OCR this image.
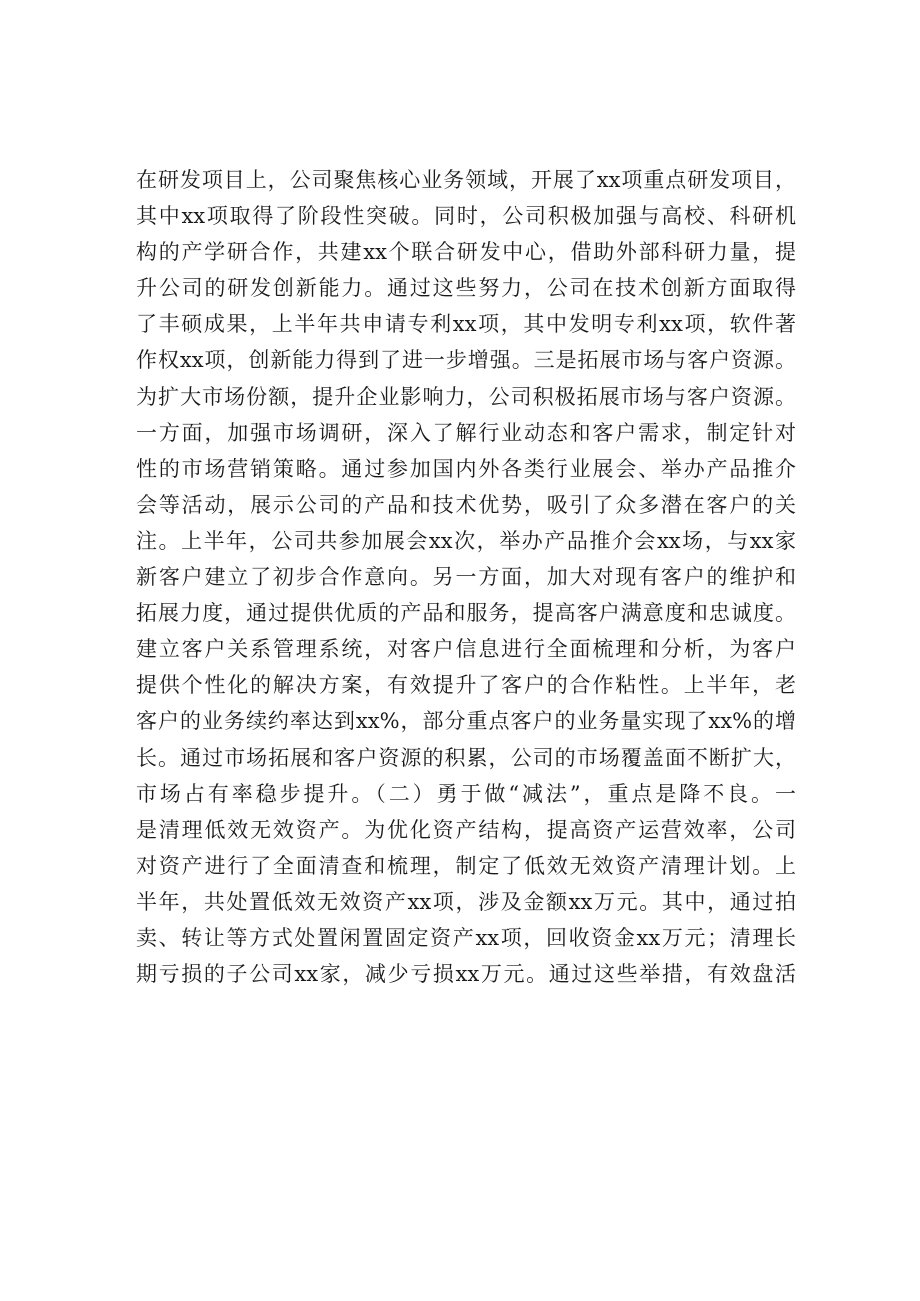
在研发项目上，公司聚焦核心业务领域，开展了xx项重点研发项目，
其中xx项取得了阶段性突破。同时，公司积极加强与高校、科研机
构的产学研合作，共建xx个联合研发中心，借助外部科研力量，提
升公司的研发创新能力。通过这些努力，公司在技术创新方面取得
了丰硕成果，上半年共申请专利xx项，其中发明专利xx项，软件著
作权xx项，创新能力得到了进一步增强。三是拓展市场与客户资源。
为扩大市场份额，提升企业影响力，公司积极拓展市场与客户资源。
一方面，加强市场调研，深入了解行业动态和客户需求，制定针对
性的市场营销策略。通过参加国内外各类行业展会、举办产品推介
会等活动，展示公司的产品和技术优势，吸引了众多潜在客户的关
注。上半年，公司共参加展会xx次，举办产品推介会xx场，与xx家
新客户建立了初步合作意向。另一方面，加大对现有客户的维护和
拓展力度，通过提供优质的产品和服务，提高客户满意度和忠诚度。
建立客户关系管理系统，对客户信息进行全面梳理和分析，为客户
提供个性化的解决方案，有效提升了客户的合作粘性。上半年，老
客户的业务续约率达到xx%，部分重点客户的业务量实现了xx%的增
长。通过市场拓展和客户资源的积累，公司的市场覆盖面不断扩大，
市场占有率稳步提升。（二）勇于做“减法”，重点是降不良。一
是清理低效无效资产。为优化资产结构，提高资产运营效率，公司
对资产进行了全面清查和梳理，制定了低效无效资产清理计划。上
半年，共处置低效无效资产xx项，涉及金额xx万元。其中，通过拍
卖、转让等方式处置闲置固定资产xx项，回收资金xx万元；清理长
期亏损的子公司xx家，减少亏损xx万元。通过这些举措，有效盘活
